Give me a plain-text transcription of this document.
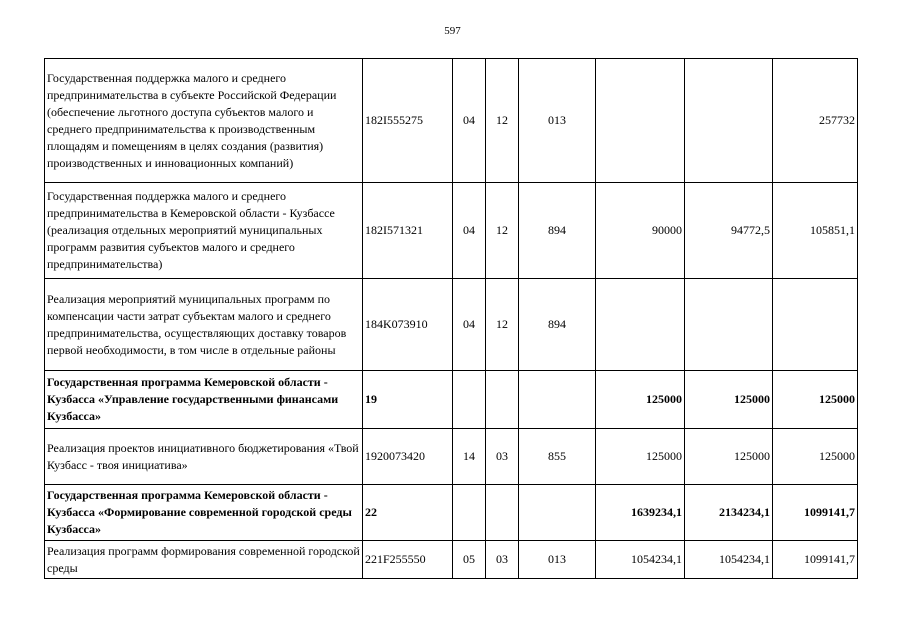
597
Государственная поддержка малого и среднего предпринимательства в субъекте Российской Федерации (обеспечение льготного доступа субъектов малого и среднего предпринимательства к производственным площадям и помещениям в целях создания (развития) производственных и инновационных компаний)	182I555275	04	12	013			257732
Государственная поддержка малого и среднего предпринимательства в Кемеровской области - Кузбассе (реализация отдельных мероприятий муниципальных программ развития субъектов малого и среднего предпринимательства)	182I571321	04	12	894	90000	94772,5	105851,1
Реализация мероприятий муниципальных программ по компенсации части затрат субъектам малого и среднего предпринимательства, осуществляющих доставку товаров первой необходимости, в том числе в отдельные районы	184K073910	04	12	894			
Государственная программа Кемеровской области - Кузбасса «Управление государственными финансами Кузбасса»	19				125000	125000	125000
Реализация проектов инициативного бюджетирования «Твой Кузбасс - твоя инициатива»	1920073420	14	03	855	125000	125000	125000
Государственная программа Кемеровской области - Кузбасса «Формирование современной городской среды Кузбасса»	22				1639234,1	2134234,1	1099141,7
Реализация программ формирования современной городской среды	221F255550	05	03	013	1054234,1	1054234,1	1099141,7
